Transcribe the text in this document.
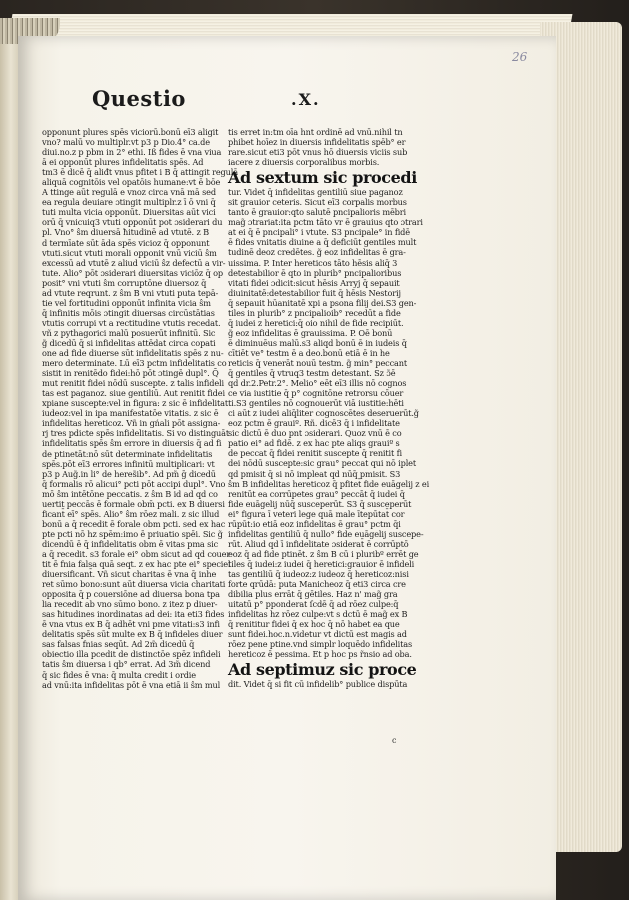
26
Questio	.X.
opponunt plures spēs viciorū.bonū eī3 aligit
vno? malū vo multiplr.vt p3 p Dio.4° ca.de
diui.no.z p pbm in 2° ethi. Iß fides ē vna viua
ā ei opponūt plures infidelitatis spēs. Ad
tm3 ē dicē q̄ aliđt vnus pfitet i B q̄ attingit regulā
aliquā cognitōis vel opatōis humane:vt ē bōe
A ttinge aūt regulā e vnoz circa vnā mā sed
ea regula deuiare ɔtingit multiplr.z ī ō vni q̄
tuti multa vicia opponūt. Diuersitas aūt vici
orū q̄ vnicuiq3 vtuti opponūt pot ɔsiderari du
pl. Vno° ŝm diuersā ħitudinē ad vtutē. z B
d termīate sūt āda spēs vicioz q̄ opponunt
vtuti.sicut vtuti morali opponit vnū viciū ŝm
excessū ad vtutē z aliud viciū ŝz defectū a vir-
tute. Alio° pōt ɔsiderari diuersitas viciōz q̄ op
posit° vni vtuti ŝm corruptōne diuersoz q̄
ad vtute reqrunt. z ŝm B vni vtuti puta tepā-
tie vel fortitudini opponūt infinita vicia ŝm
q̄ infinitis mōis ɔtingit diuersas circūstātias
vtutis corrupi vt a rectitudine vtutis recedat.
vñ z pythagorici malū posuerūt infinitū. Sic
g̃ dicedū q̄ si infidelitas attēdat circa copati
one ad fide diuerse sūt infidelitatis spēs z nu-
mero determinate. Lū eī3 pctm infidelitatis co
sistit in renitēdo fidei:hō pōt ɔtingē dupl°. Q̄
mut renitit fidei nōdū suscepte. z talis infideli
tas est paganoz. siue gentiliū. Aut renitit fidei
xpiane suscepte:vel in figura: z sic ē infidelitat
iudeoz:vel in ipa manifestatōe vitatis. z sic ē
infidelitas hereticoz. Vñ in gńali pōt assigna-
rj tres pdicte spēs infidelitatis. Si vo distinguāt
infidelitatis spēs ŝm errore in diuersis q̄ ad fi
de ptinetāt:nō sūt determinate infidelitatis
spēs.pōt eī3 errores infinitū multiplicari: vt
p3 p Aug̃.in li° de heres̃ib°. Ad pm̃ ḡ dicedū
q̄ formalis rō alicui° pcti pōt accipi dupl°. Vno
mō ŝm intētōne peccatis. z ŝm B id ad qd co
uertit peccās ē formale obm̄ pcti. ex B diuersi
ficant̄ eī° spēs. Alio° ŝm rōez mali. z sic illud
bonū a q̄ recedit ē forale obm pcti. sed ex hac
pte pcti nō hz spēm:imo ē priuatio spēi. Sic g̃
dicendū ē q̄ infidelitatis obm ē vitas pma sic
a q̄ recedit. s3 forale ei° obm sicut ad qd couer
tit ē fnia falsa quā seqt. z ex hac pte ei° speciel
diuersificant̄. Vñ sicut charitas ē vna q̄ inhe
ret sūmo bono:sunt aūt diuersa vicia charitati
opposita q̄ p couersiōne ad diuersa bona tpa
lia recedit ab vno sūmo bono. z itez p diuer-
sas ħitudines inordinatas ad dei: ita eti3 fides
ē vna vtus ex B q̄ adhēt vni pme vitati:s3 infi
delitatis spēs sūt multe ex B q̄ infideles diuer
sas falsas fnias seqūt. Ad 2m̃ dicedū q̄
obiectio illa pcedit de distinctōe spēz infideli
tatis ŝm diuersa i qb° errat. Ad 3m̃ dicend
q̄ sic fides ē vna: q̄ multa credit i ordie
ad vnū:ita infidelitas pōt ē vna etiā ii ŝm mul
tis erret in:tm oīa hnt ordinē ad vnū.nihil tn
phibet hoīez in diuersis infidelitatis spēb° er
rare.sicut eti3 pōt vnus hō diuersis viciis sub
iacere z diuersis corporalibus morbis.
Ad sextum sic procedi
tur. Videt q̄ infidelitas gentiliū siue paganoz
sit grauior ceteris. Sicut eī3 corpalis morbus
tanto ē grauior:qto salutē pncipalioris mēbri
mag̃ ɔtrariat:ita pctm tāto vr ē grauius qto ɔtrari
at ei q̄ ē pncipali° i vtute. S3 pncipale° in fidē
ē fides vnitatis diuine a q̄ deficiūt gentiles mult
tudinē deoz credētes. g̃ eoz infidelitas ē gra-
uissima. P. Inter hereticos tāto hēsis aliq̄ 3
detestabilior ē qto in plurib° pncipalioribus
vitati fidei ɔdicit:sicut hēsis Arryj q̄ sepauit
diuinitatē:detestabilior fuit q̄ hēsis Nestorij
q̄ sepauit hūanitatē xpi a psona filij dei.S3 gen-
tiles in plurib° z pncipalioib° recedūt a fide
q̄ iudei z heretici:q̄ oio nihil de fide recipiūt.
g̃ eoz infidelitas ē grauissima. P. Oē bonū
ē diminuēus malū.s3 aliqd bonū ē in iudeis q̄
cītiēt ve° testm ē a deo.bonū etiā ē in he
reticis q̄ venerāt nouū testm. g̃ min° peccant
q̄ gentiles q̄ vtruq3 testm detestant. Sz ɔ̃ē
qd dr.2.Petr.2°. Melio° eēt eī3 illis nō cognos
ce via iustitie q̄ p° cognitōne retrorsu cōuer
ti.S3 gentiles nō cognouerūt viā iustitie:hēti
ci aūt z iudei aliq̄liter cognoscētes deseruerūt.g̃
eoz pctm ē grauiº. Rñ. dicē3 q̄ i infidelitate
sic dictū ē duo pnt ɔsiderari. Quoz vnū ē co
patio ei° ad fidē. z ex hac pte aliqs grauiº s
de peccat q̄ fidei renitit suscepte q̄ renitit fi
dei nōdū suscepte:sic grau° peccat qui nō iplet
qd pmisit q̄ si nō impleat qd nūq̄ pmisit. S3
ŝm B infidelitas hereticoz q̄ pfitet̄ fide euāgelij z ei
renitūt ea corrūpetes grau° peccāt q̄ iudei q̄
fide euāgelij nūq̄ susceperūt. S3 q̄ susceperūt
ei° figura ī veteri lege quā male ītepūtat̄ cor
rūpūt:io etiā eoz infidelitas ē grau° pctm q̄i
infidelitas gentiliū q̄ nullo° fide euāgelij suscepe-
rūt. Aliud qd ī infidelitate ɔsiderat̄ ē corrūptō
eoz q̄ ad fide ptinēt. z ŝm B cū i pluribº errēt ge
tiles q̄ iudei:z iudei q̄ heretici:grauior ē infideli
tas gentiliū q̄ iudeoz:z iudeoz q̄ hereticoz:nisi
forte qrūdā: puta Manicheoz q̄ eti3 circa cre
dibilia plus errāt q̄ gētiles. Haz n' mag̃ gra
uitatū p° pponderat ſcdē q̄ ad rōez culpe:q̄
infidelitas hz rōez culpe:vt s dctū ē mag̃ ex B
q̄ renititur fidei q̄ ex hoc q̄ nō habet ea que
sunt fidei.hoc.n.videtur vt dictū est magis ad
rōez pene ptine.vnd simplr loquēdo infidelitas
hereticoz ē pessima. Et p hoc ps r̃nsio ad oba.
Ad septimuz sic proce
dit. Videt q̄ si fit cū infidelib° publice dispūta
c
